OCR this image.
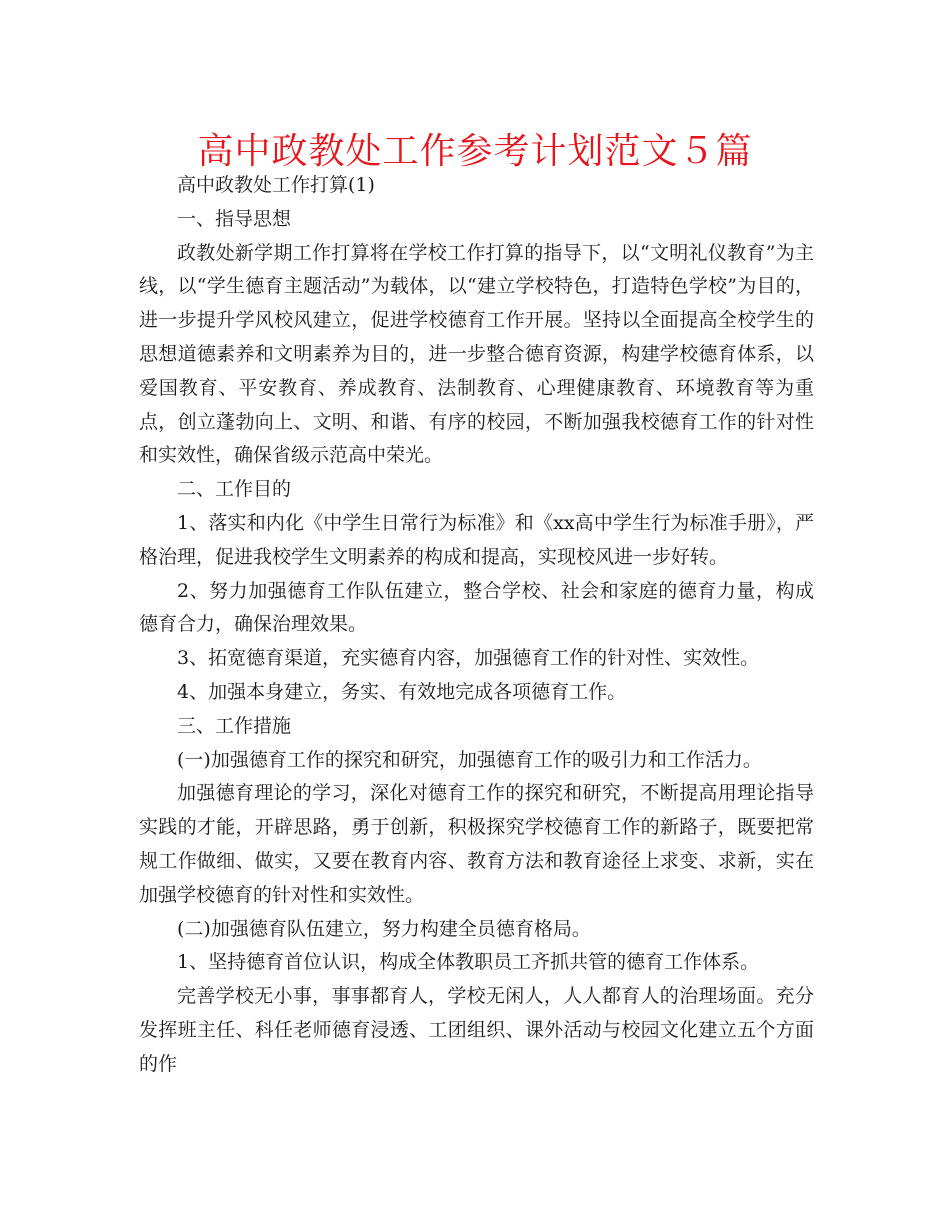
高中政教处工作参考计划范文５篇

高中政教处工作打算(1)

一、指导思想

政教处新学期工作打算将在学校工作打算的指导下，以“文明礼仪教育”为主线，以“学生德育主题活动”为载体，以“建立学校特色，打造特色学校”为目的，进一步提升学风校风建立，促进学校德育工作开展。坚持以全面提高全校学生的思想道德素养和文明素养为目的，进一步整合德育资源，构建学校德育体系，以爱国教育、平安教育、养成教育、法制教育、心理健康教育、环境教育等为重点，创立蓬勃向上、文明、和谐、有序的校园，不断加强我校德育工作的针对性和实效性，确保省级示范高中荣光。

二、工作目的

1、落实和内化《中学生日常行为标准》和《xx高中学生行为标准手册》，严格治理，促进我校学生文明素养的构成和提高，实现校风进一步好转。

2、努力加强德育工作队伍建立，整合学校、社会和家庭的德育力量，构成德育合力，确保治理效果。

3、拓宽德育渠道，充实德育内容，加强德育工作的针对性、实效性。

4、加强本身建立，务实、有效地完成各项德育工作。

三、工作措施

(一)加强德育工作的探究和研究，加强德育工作的吸引力和工作活力。

加强德育理论的学习，深化对德育工作的探究和研究，不断提高用理论指导实践的才能，开辟思路，勇于创新，积极探究学校德育工作的新路子，既要把常规工作做细、做实，又要在教育内容、教育方法和教育途径上求变、求新，实在加强学校德育的针对性和实效性。

(二)加强德育队伍建立，努力构建全员德育格局。

1、坚持德育首位认识，构成全体教职员工齐抓共管的德育工作体系。

完善学校无小事，事事都育人，学校无闲人，人人都育人的治理场面。充分发挥班主任、科任老师德育浸透、工团组织、课外活动与校园文化建立五个方面的作
